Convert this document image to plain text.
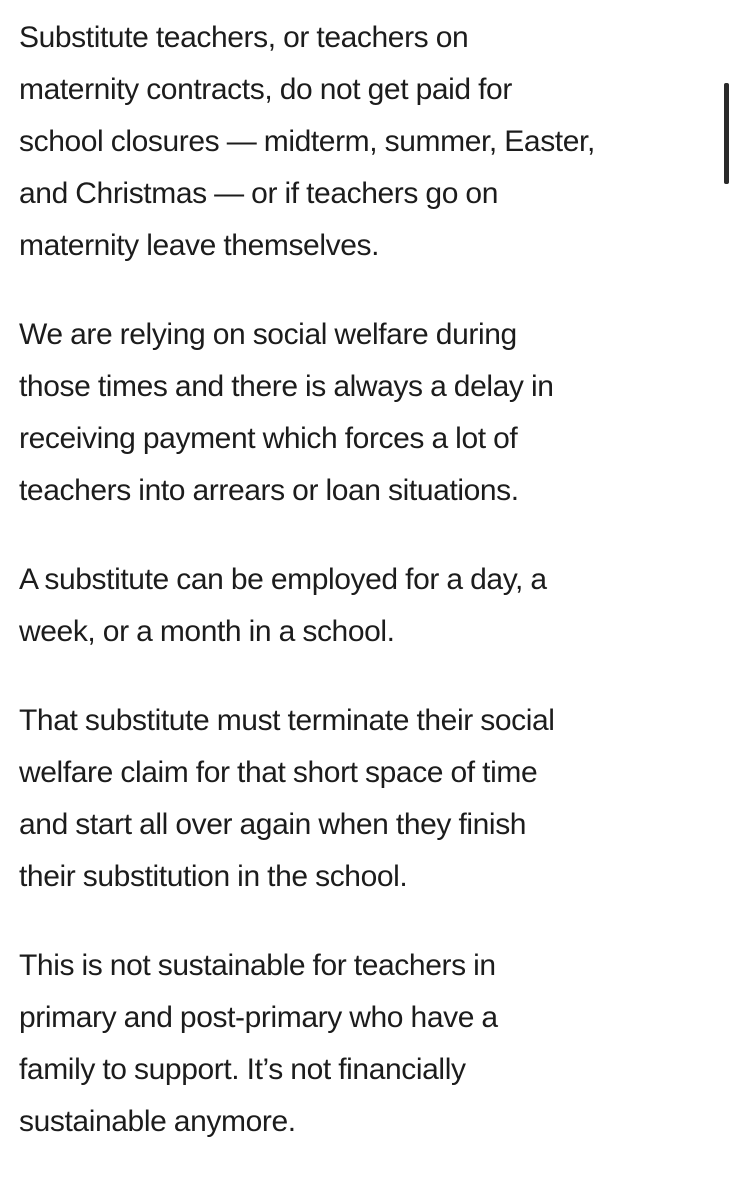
Substitute teachers, or teachers on
maternity contracts, do not get paid for
school closures — midterm, summer, Easter,
and Christmas — or if teachers go on
maternity leave themselves.

We are relying on social welfare during
those times and there is always a delay in
receiving payment which forces a lot of
teachers into arrears or loan situations.

A substitute can be employed for a day, a
week, or a month in a school.

That substitute must terminate their social
welfare claim for that short space of time
and start all over again when they finish
their substitution in the school.

This is not sustainable for teachers in
primary and post-primary who have a
family to support. It’s not financially
sustainable anymore.
